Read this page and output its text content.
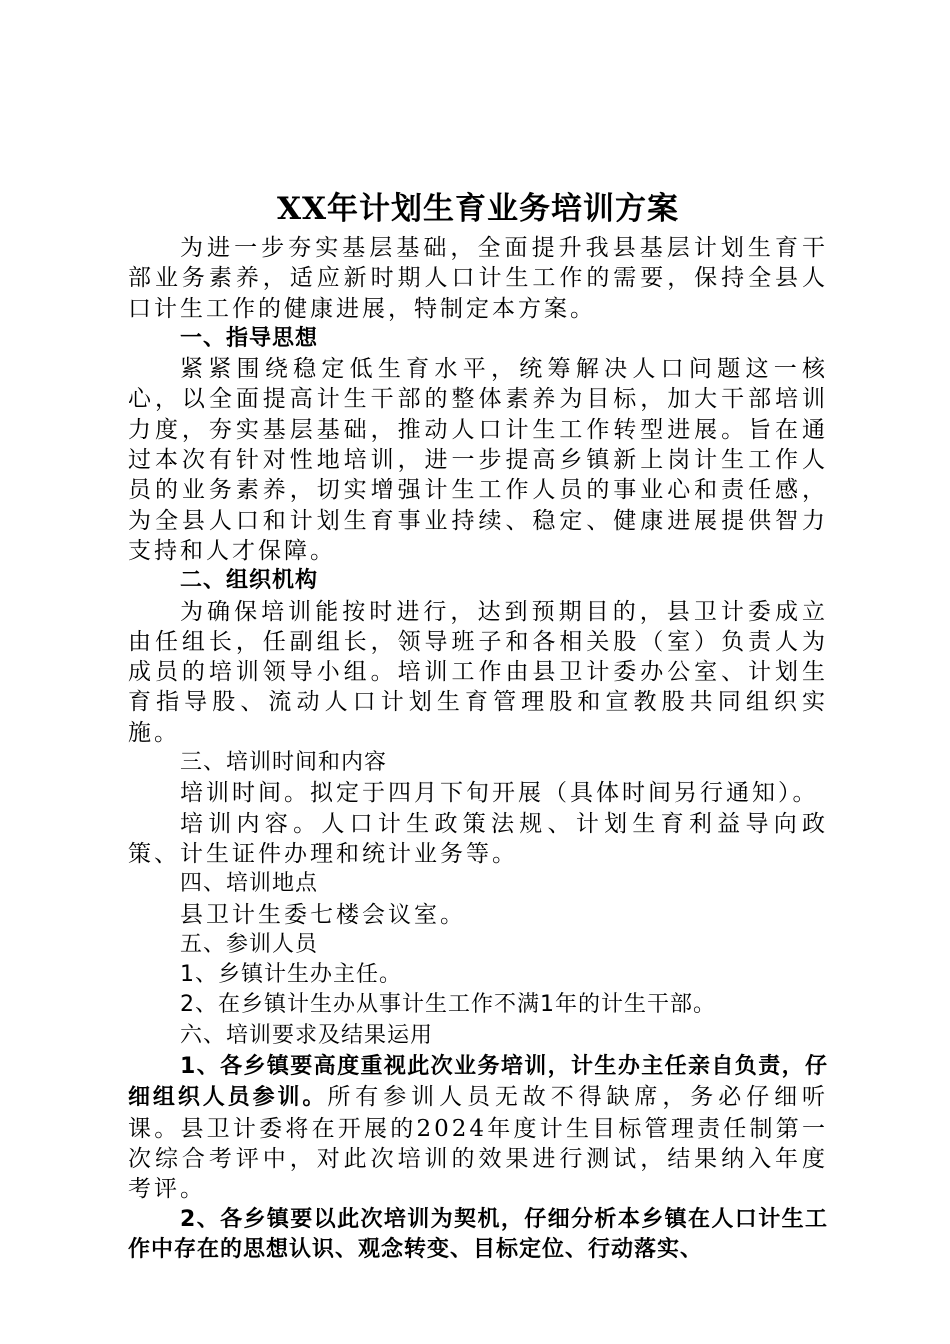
XX年计划生育业务培训方案

为进一步夯实基层基础，全面提升我县基层计划生育干部业务素养，适应新时期人口计生工作的需要，保持全县人口计生工作的健康进展，特制定本方案。

一、指导思想

紧紧围绕稳定低生育水平，统筹解决人口问题这一核心，以全面提高计生干部的整体素养为目标，加大干部培训力度，夯实基层基础，推动人口计生工作转型进展。旨在通过本次有针对性地培训，进一步提高乡镇新上岗计生工作人员的业务素养，切实增强计生工作人员的事业心和责任感，为全县人口和计划生育事业持续、稳定、健康进展提供智力支持和人才保障。

二、组织机构

为确保培训能按时进行，达到预期目的，县卫计委成立由任组长，任副组长，领导班子和各相关股（室）负责人为成员的培训领导小组。培训工作由县卫计委办公室、计划生育指导股、流动人口计划生育管理股和宣教股共同组织实施。

三、培训时间和内容

培训时间。拟定于四月下旬开展（具体时间另行通知）。

培训内容。人口计生政策法规、计划生育利益导向政策、计生证件办理和统计业务等。

四、培训地点

县卫计生委七楼会议室。

五、参训人员

1、乡镇计生办主任。

2、在乡镇计生办从事计生工作不满1年的计生干部。

六、培训要求及结果运用

1、各乡镇要高度重视此次业务培训，计生办主任亲自负责，仔细组织人员参训。所有参训人员无故不得缺席，务必仔细听课。县卫计委将在开展的2024年度计生目标管理责任制第一次综合考评中，对此次培训的效果进行测试，结果纳入年度考评。

2、各乡镇要以此次培训为契机，仔细分析本乡镇在人口计生工作中存在的思想认识、观念转变、目标定位、行动落实、
